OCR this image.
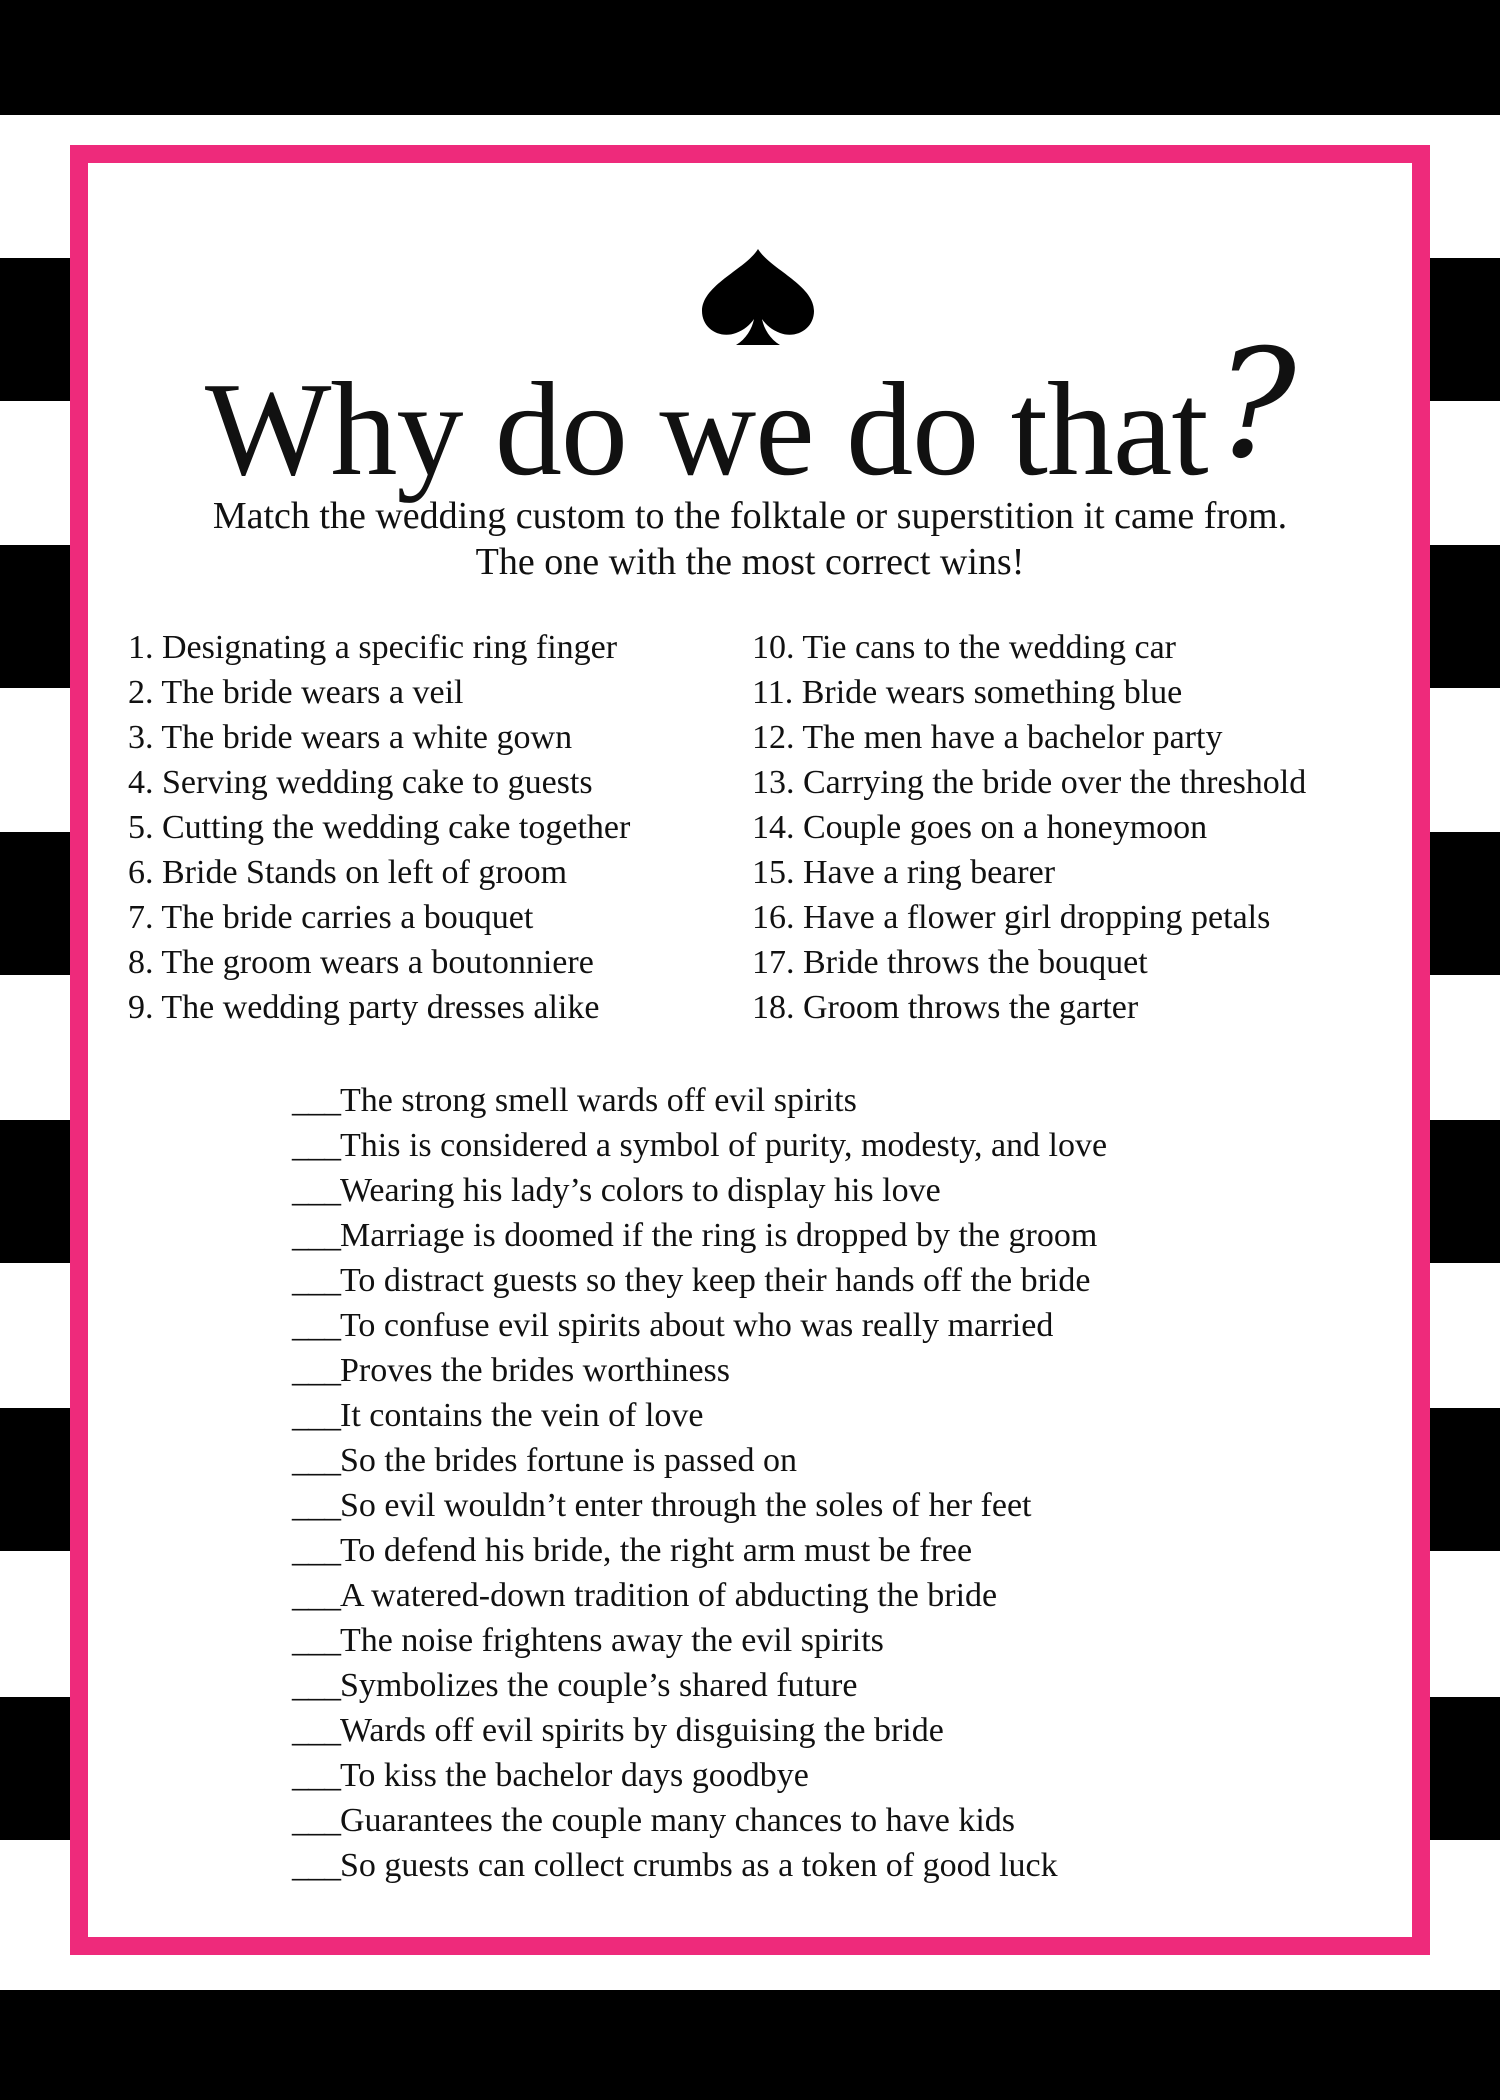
Why do we do that?
Match the wedding custom to the folktale or superstition it came from.
The one with the most correct wins!
1. Designating a specific ring finger
2. The bride wears a veil
3. The bride wears a white gown
4. Serving wedding cake to guests
5. Cutting the wedding cake together
6. Bride Stands on left of groom
7. The bride carries a bouquet
8. The groom wears a boutonniere
9. The wedding party dresses alike
10. Tie cans to the wedding car
11. Bride wears something blue
12. The men have a bachelor party
13. Carrying the bride over the threshold
14. Couple goes on a honeymoon
15. Have a ring bearer
16. Have a flower girl dropping petals
17. Bride throws the bouquet
18. Groom throws the garter
___The strong smell wards off evil spirits
___This is considered a symbol of purity, modesty, and love
___Wearing his lady’s colors to display his love
___Marriage is doomed if the ring is dropped by the groom
___To distract guests so they keep their hands off the bride
___To confuse evil spirits about who was really married
___Proves the brides worthiness
___It contains the vein of love
___So the brides fortune is passed on
___So evil wouldn’t enter through the soles of her feet
___To defend his bride, the right arm must be free
___A watered-down tradition of abducting the bride
___The noise frightens away the evil spirits
___Symbolizes the couple’s shared future
___Wards off evil spirits by disguising the bride
___To kiss the bachelor days goodbye
___Guarantees the couple many chances to have kids
___So guests can collect crumbs as a token of good luck
